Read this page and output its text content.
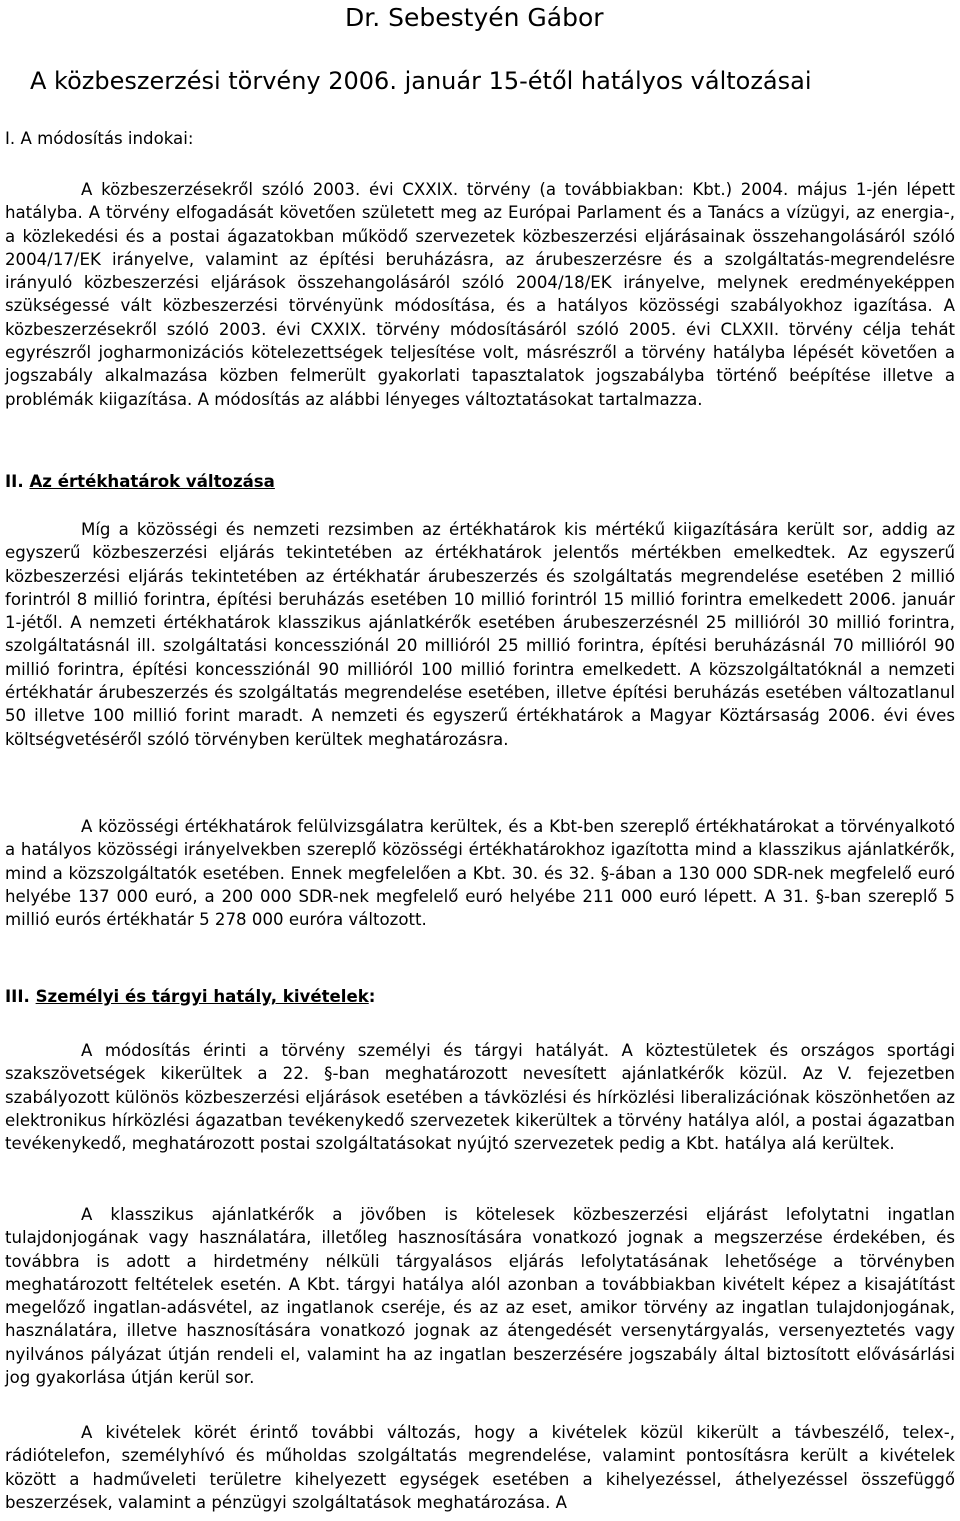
Dr. Sebestyén Gábor
A közbeszerzési törvény 2006. január 15-étől hatályos változásai

I. A módosítás indokai:

A közbeszerzésekről szóló 2003. évi CXXIX. törvény (a továbbiakban: Kbt.) 2004. május 1-jén lépett hatályba. A törvény elfogadását követően született meg az Európai Parlament és a Tanács a vízügyi, az energia-, a közlekedési és a postai ágazatokban működő szervezetek közbeszerzési eljárásainak összehangolásáról szóló 2004/17/EK irányelve, valamint az építési beruházásra, az árubeszerzésre és a szolgáltatás-megrendelésre irányuló közbeszerzési eljárások összehangolásáról szóló 2004/18/EK irányelve, melynek eredményeképpen szükségessé vált közbeszerzési törvényünk módosítása, és a hatályos közösségi szabályokhoz igazítása. A közbeszerzésekről szóló 2003. évi CXXIX. törvény módosításáról szóló 2005. évi CLXXII. törvény célja tehát egyrészről jogharmonizációs kötelezettségek teljesítése volt, másrészről a törvény hatályba lépését követően a jogszabály alkalmazása közben felmerült gyakorlati tapasztalatok jogszabályba történő beépítése illetve a problémák kiigazítása. A módosítás az alábbi lényeges változtatásokat tartalmazza.

II. Az értékhatárok változása

Míg a közösségi és nemzeti rezsimben az értékhatárok kis mértékű kiigazítására került sor, addig az egyszerű közbeszerzési eljárás tekintetében az értékhatárok jelentős mértékben emelkedtek. Az egyszerű közbeszerzési eljárás tekintetében az értékhatár árubeszerzés és szolgáltatás megrendelése esetében 2 millió forintról 8 millió forintra, építési beruházás esetében 10 millió forintról 15 millió forintra emelkedett 2006. január 1-jétől. A nemzeti értékhatárok klasszikus ajánlatkérők esetében árubeszerzésnél 25 millióról 30 millió forintra, szolgáltatásnál ill. szolgáltatási koncessziónál 20 millióról 25 millió forintra, építési beruházásnál 70 millióról 90 millió forintra, építési koncessziónál 90 millióról 100 millió forintra emelkedett. A közszolgáltatóknál a nemzeti értékhatár árubeszerzés és szolgáltatás megrendelése esetében, illetve építési beruházás esetében változatlanul 50 illetve 100 millió forint maradt. A nemzeti és egyszerű értékhatárok a Magyar Köztársaság 2006. évi éves költségvetéséről szóló törvényben kerültek meghatározásra.

A közösségi értékhatárok felülvizsgálatra kerültek, és a Kbt-ben szereplő értékhatárokat a törvényalkotó a hatályos közösségi irányelvekben szereplő közösségi értékhatárokhoz igazította mind a klasszikus ajánlatkérők, mind a közszolgáltatók esetében. Ennek megfelelően a Kbt. 30. és 32. §-ában a 130 000 SDR-nek megfelelő euró helyébe 137 000 euró, a 200 000 SDR-nek megfelelő euró helyébe 211 000 euró lépett. A 31. §-ban szereplő 5 millió eurós értékhatár 5 278 000 euróra változott.

III. Személyi és tárgyi hatály, kivételek:

A módosítás érinti a törvény személyi és tárgyi hatályát. A köztestületek és országos sportági szakszövetségek kikerültek a 22. §-ban meghatározott nevesített ajánlatkérők közül. Az V. fejezetben szabályozott különös közbeszerzési eljárások esetében a távközlési és hírközlési liberalizációnak köszönhetően az elektronikus hírközlési ágazatban tevékenykedő szervezetek kikerültek a törvény hatálya alól, a postai ágazatban tevékenykedő, meghatározott postai szolgáltatásokat nyújtó szervezetek pedig a Kbt. hatálya alá kerültek.

A klasszikus ajánlatkérők a jövőben is kötelesek közbeszerzési eljárást lefolytatni ingatlan tulajdonjogának vagy használatára, illetőleg hasznosítására vonatkozó jognak a megszerzése érdekében, és továbbra is adott a hirdetmény nélküli tárgyalásos eljárás lefolytatásának lehetősége a törvényben meghatározott feltételek esetén. A Kbt. tárgyi hatálya alól azonban a továbbiakban kivételt képez a kisajátítást megelőző ingatlan-adásvétel, az ingatlanok cseréje, és az az eset, amikor törvény az ingatlan tulajdonjogának, használatára, illetve hasznosítására vonatkozó jognak az átengedését versenytárgyalás, versenyeztetés vagy nyilvános pályázat útján rendeli el, valamint ha az ingatlan beszerzésére jogszabály által biztosított elővásárlási jog gyakorlása útján kerül sor.

A kivételek körét érintő további változás, hogy a kivételek közül kikerült a távbeszélő, telex-, rádiótelefon, személyhívó és műholdas szolgáltatás megrendelése, valamint pontosításra került a kivételek között a hadműveleti területre kihelyezett egységek esetében a kihelyezéssel, áthelyezéssel összefüggő beszerzések, valamint a pénzügyi szolgáltatások meghatározása. A
